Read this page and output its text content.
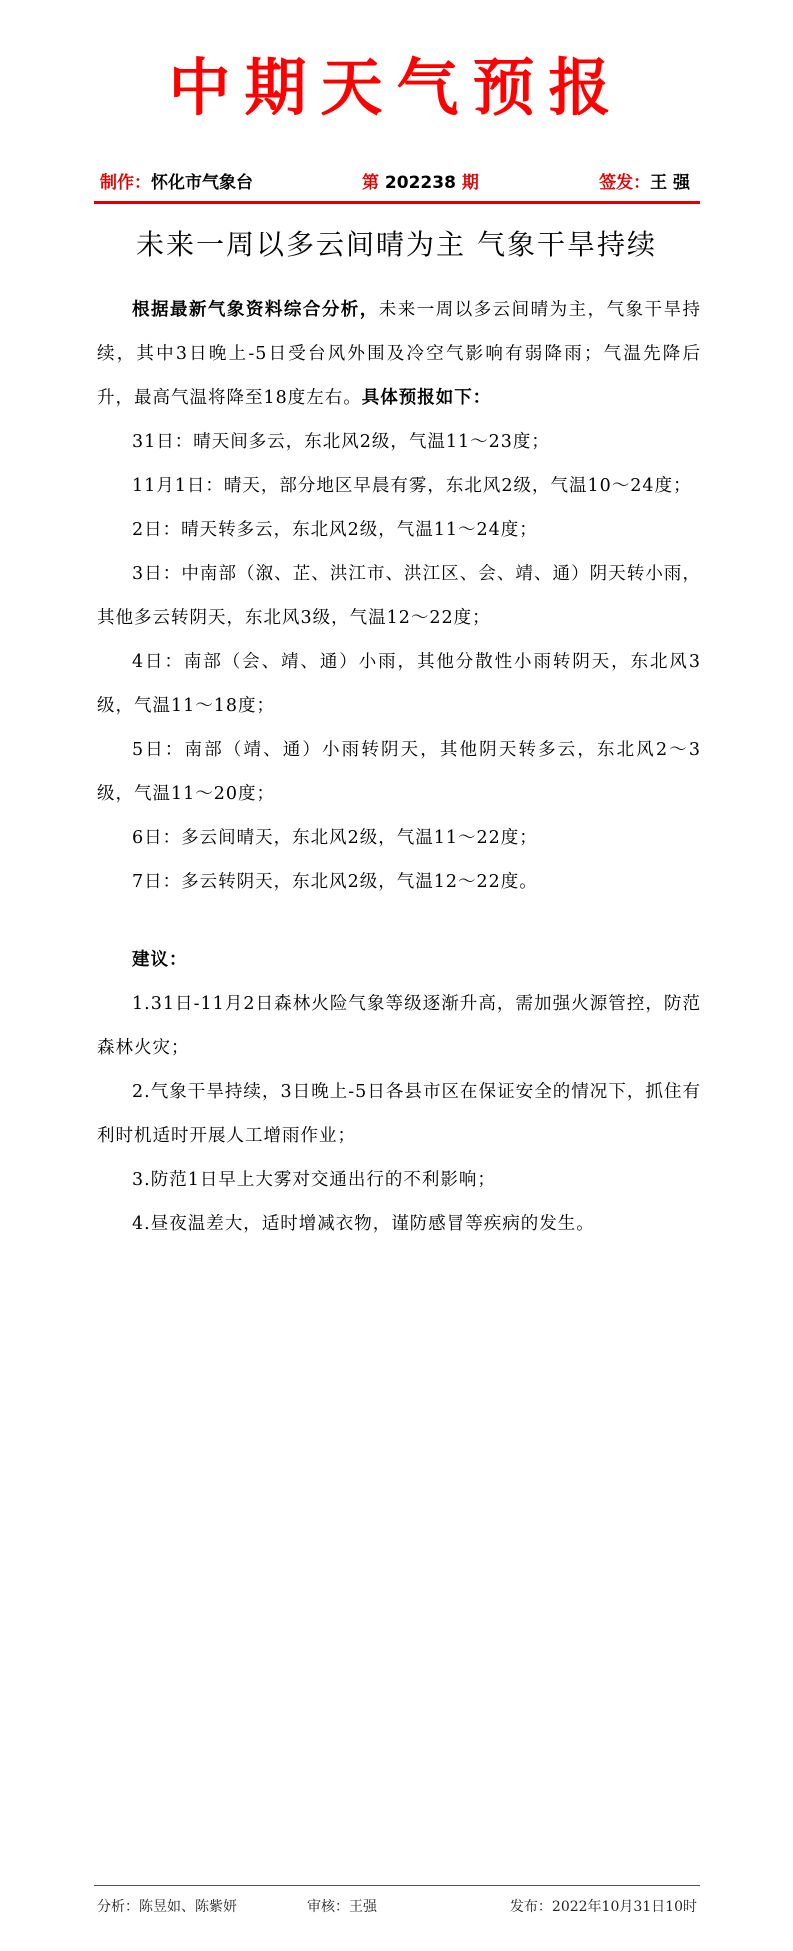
中期天气预报
制作：怀化市气象台	第 202238 期	签发：王 强
未来一周以多云间晴为主 气象干旱持续

根据最新气象资料综合分析，未来一周以多云间晴为主，气象干旱持续，其中3日晚上-5日受台风外围及冷空气影响有弱降雨；气温先降后升，最高气温将降至18度左右。具体预报如下：

31日：晴天间多云，东北风2级，气温11～23度；

11月1日：晴天，部分地区早晨有雾，东北风2级，气温10～24度；

2日：晴天转多云，东北风2级，气温11～24度；

3日：中南部（溆、芷、洪江市、洪江区、会、靖、通）阴天转小雨，其他多云转阴天，东北风3级，气温12～22度；

4日：南部（会、靖、通）小雨，其他分散性小雨转阴天，东北风3级，气温11～18度；

5日：南部（靖、通）小雨转阴天，其他阴天转多云，东北风2～3级，气温11～20度；

6日：多云间晴天，东北风2级，气温11～22度；

7日：多云转阴天，东北风2级，气温12～22度。

建议：

1.31日-11月2日森林火险气象等级逐渐升高，需加强火源管控，防范森林火灾；

2.气象干旱持续，3日晚上-5日各县市区在保证安全的情况下，抓住有利时机适时开展人工增雨作业；

3.防范1日早上大雾对交通出行的不利影响；

4.昼夜温差大，适时增减衣物，谨防感冒等疾病的发生。

分析：陈昱如、陈紫妍	审核：王强	发布：2022年10月31日10时
